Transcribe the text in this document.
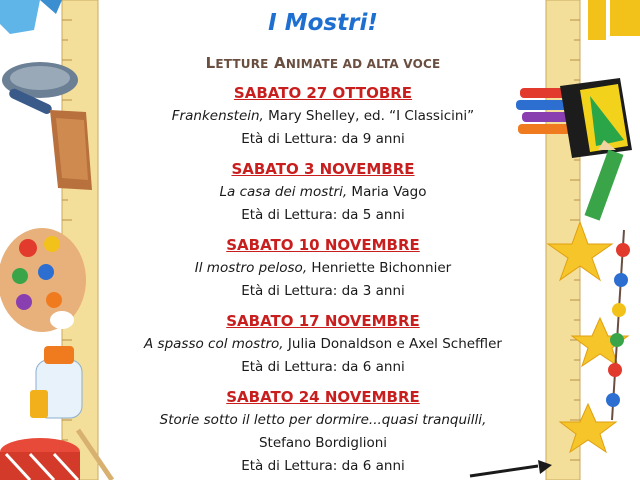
I Mostri!
LETTURE ANIMATE AD ALTA VOCE
SABATO 27 OTTOBRE
Frankenstein, Mary Shelley, ed. “I Classicini”
Età di Lettura: da 9 anni
SABATO 3 NOVEMBRE
La casa dei mostri, Maria Vago
Età di Lettura: da 5 anni
SABATO 10 NOVEMBRE
Il mostro peloso, Henriette Bichonnier
Età di Lettura: da 3 anni
SABATO 17 NOVEMBRE
A spasso col mostro, Julia Donaldson e Axel Scheffler
Età di Lettura: da 6 anni
SABATO 24 NOVEMBRE
Storie sotto il letto per dormire...quasi tranquilli,
Stefano Bordiglioni
Età di Lettura: da 6 anni
